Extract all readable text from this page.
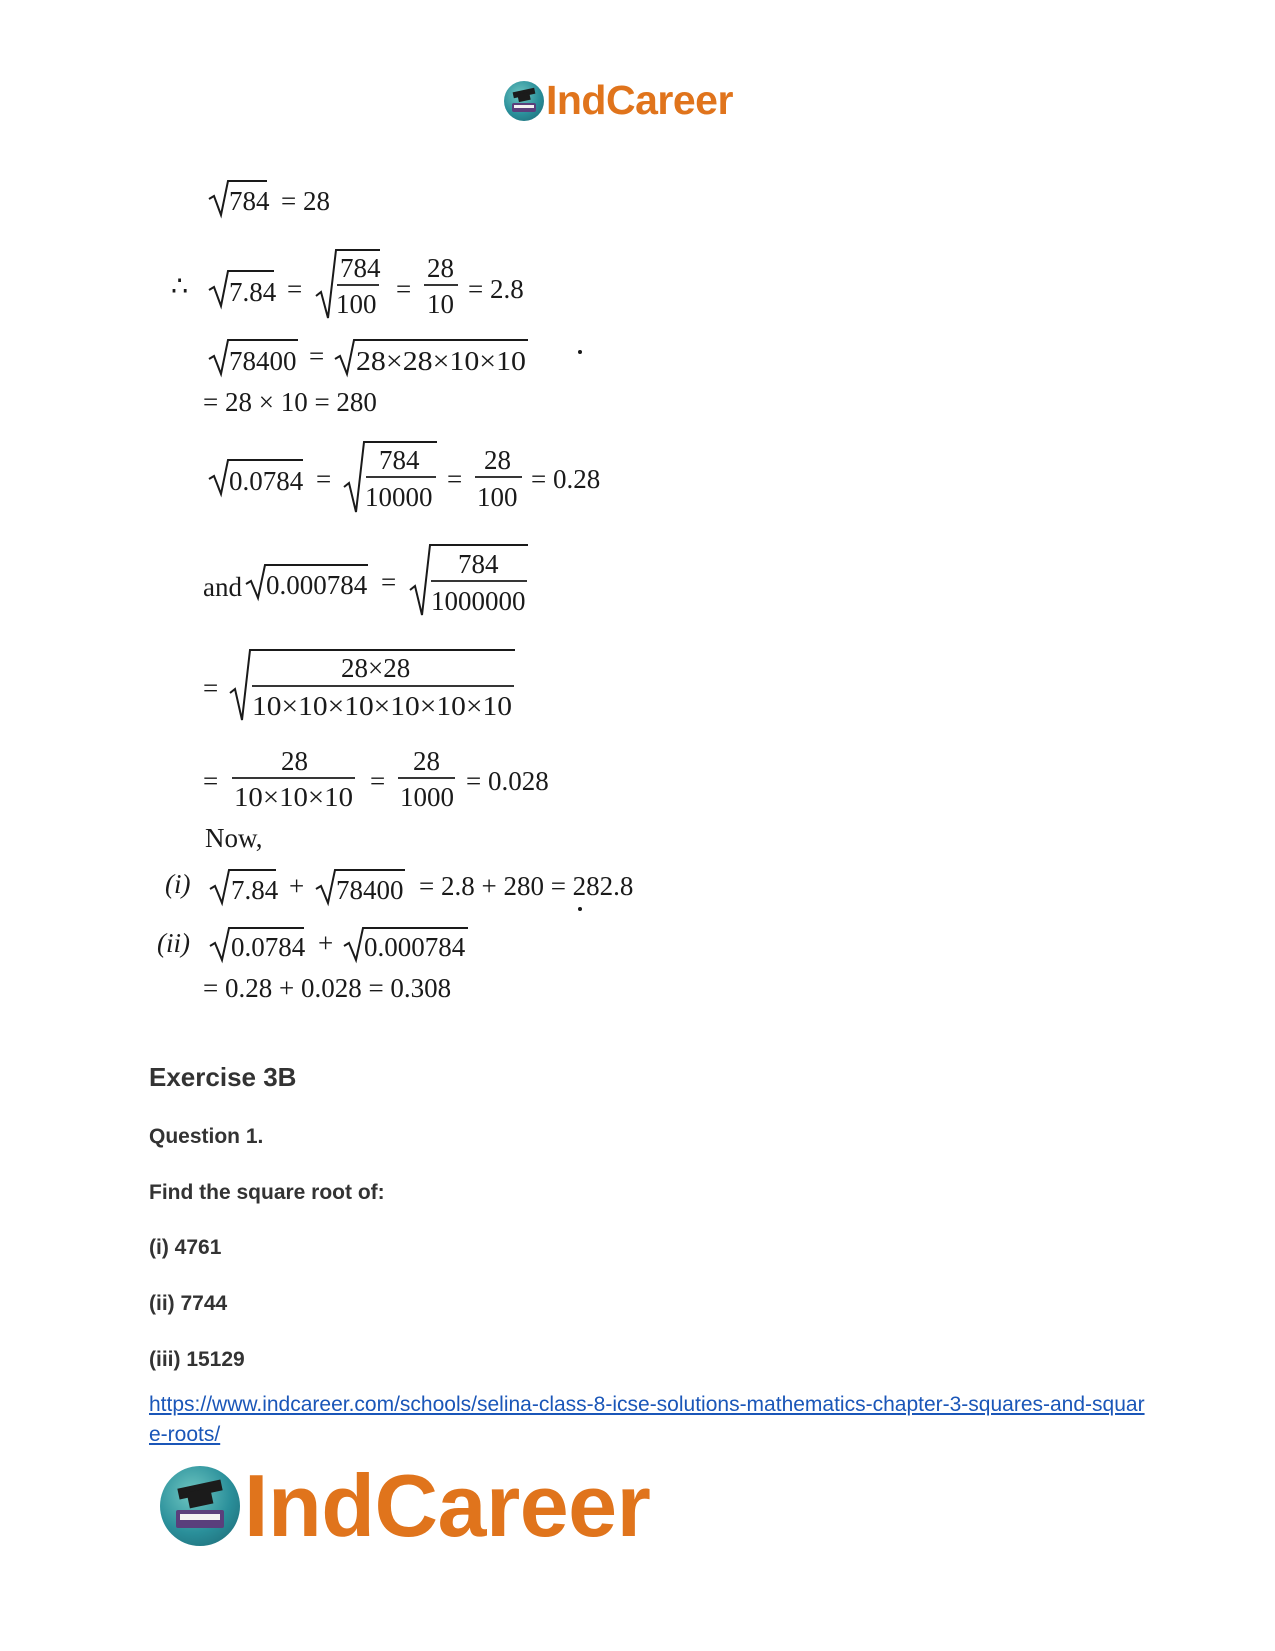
IndCareer
784 = 28
∴ 7.84 =
784
100 =
28
10 = 2.8
78400 = 28×28×10×10
= 28 × 10 = 280
0.0784 =
784
10000
=
28
100
= 0.28
and 0.000784 =
784
1000000
=
28×28
10×10×10×10×10×10
=
28
10×10×10
=
28
1000
= 0.028
Now,
(i) 7.84 + 78400 = 2.8 + 280 = 282.8
(ii) 0.0784 + 0.000784
= 0.28 + 0.028 = 0.308
Exercise 3B

Question 1.

Find the square root of:

(i) 4761

(ii) 7744

(iii) 15129

https://www.indcareer.com/schools/selina-class-8-icse-solutions-mathematics-chapter-3-squares-and-square-roots/
IndCareer
